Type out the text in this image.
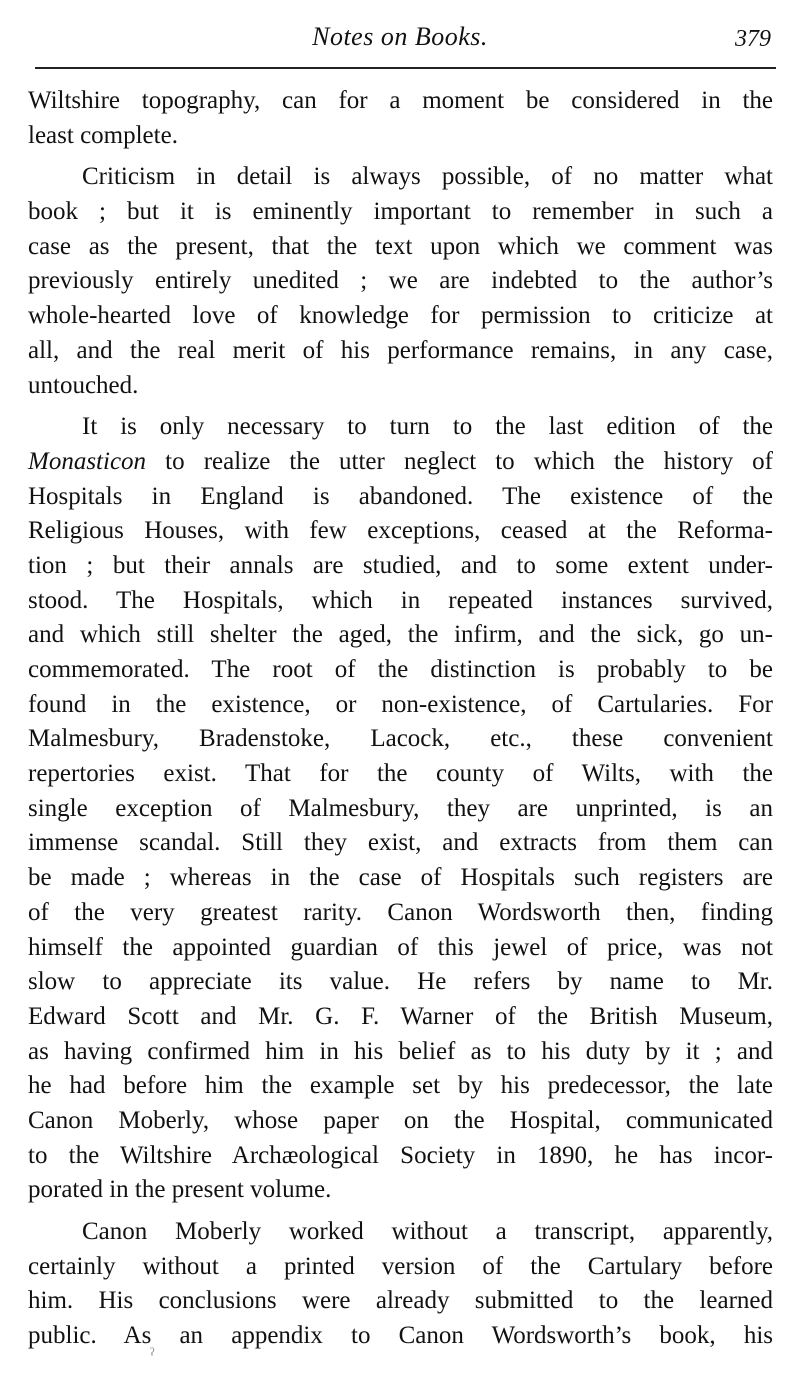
Notes on Books.	379
Wiltshire topography, can for a moment be considered in the
least complete.
Criticism in detail is always possible, of no matter what
book ; but it is eminently important to remember in such a
case as the present, that the text upon which we comment was
previously entirely unedited ; we are indebted to the author’s
whole-hearted love of knowledge for permission to criticize at
all, and the real merit of his performance remains, in any case,
untouched.
It is only necessary to turn to the last edition of the
Monasticon to realize the utter neglect to which the history of
Hospitals in England is abandoned. The existence of the
Religious Houses, with few exceptions, ceased at the Reforma-
tion ; but their annals are studied, and to some extent under-
stood. The Hospitals, which in repeated instances survived,
and which still shelter the aged, the infirm, and the sick, go un-
commemorated. The root of the distinction is probably to be
found in the existence, or non-existence, of Cartularies. For
Malmesbury, Bradenstoke, Lacock, etc., these convenient
repertories exist. That for the county of Wilts, with the
single exception of Malmesbury, they are unprinted, is an
immense scandal. Still they exist, and extracts from them can
be made ; whereas in the case of Hospitals such registers are
of the very greatest rarity. Canon Wordsworth then, finding
himself the appointed guardian of this jewel of price, was not
slow to appreciate its value. He refers by name to Mr.
Edward Scott and Mr. G. F. Warner of the British Museum,
as having confirmed him in his belief as to his duty by it ; and
he had before him the example set by his predecessor, the late
Canon Moberly, whose paper on the Hospital, communicated
to the Wiltshire Archæological Society in 1890, he has incor-
porated in the present volume.
Canon Moberly worked without a transcript, apparently,
certainly without a printed version of the Cartulary before
him. His conclusions were already submitted to the learned
public. As an appendix to Canon Wordsworth’s book, his
ˀ
